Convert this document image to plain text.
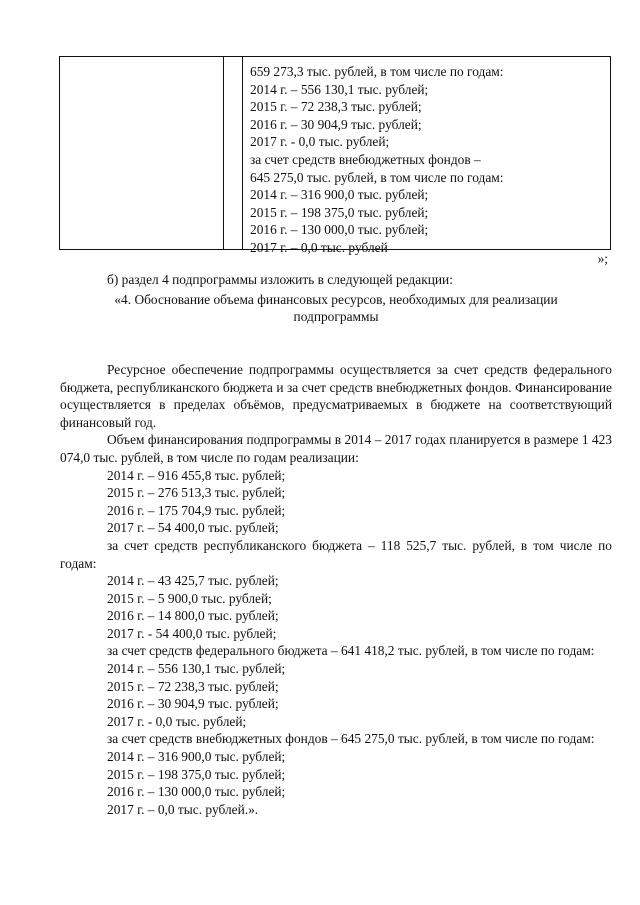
659 273,3 тыс. рублей, в том числе по годам:
2014 г. – 556 130,1 тыс. рублей;
2015 г. – 72 238,3 тыс. рублей;
2016 г. – 30 904,9 тыс. рублей;
2017 г. - 0,0 тыс. рублей;
за счет средств внебюджетных фондов –
645 275,0 тыс. рублей, в том числе по годам:
2014 г. – 316 900,0 тыс. рублей;
2015 г. – 198 375,0 тыс. рублей;
2016 г. – 130 000,0 тыс. рублей;
2017 г. – 0,0 тыс. рублей
»;
б) раздел 4 подпрограммы изложить в следующей редакции:
«4. Обоснование объема финансовых ресурсов, необходимых для реализации
подпрограммы
Ресурсное обеспечение подпрограммы осуществляется за счет средств федерального бюджета, республиканского бюджета и за счет средств внебюджетных фондов. Финансирование осуществляется в пределах объёмов, предусматриваемых в бюджете на соответствующий финансовый год.
Объем финансирования подпрограммы в 2014 – 2017 годах планируется в размере 1 423 074,0 тыс. рублей, в том числе по годам реализации:
2014 г. – 916 455,8 тыс. рублей;
2015 г. – 276 513,3 тыс. рублей;
2016 г. – 175 704,9 тыс. рублей;
2017 г. – 54 400,0 тыс. рублей;
за счет средств республиканского бюджета – 118 525,7 тыс. рублей, в том числе по годам:
2014 г. – 43 425,7 тыс. рублей;
2015 г. – 5 900,0 тыс. рублей;
2016 г. – 14 800,0 тыс. рублей;
2017 г. - 54 400,0 тыс. рублей;
за счет средств федерального бюджета – 641 418,2 тыс. рублей, в том числе по годам:
2014 г. – 556 130,1 тыс. рублей;
2015 г. – 72 238,3 тыс. рублей;
2016 г. – 30 904,9 тыс. рублей;
2017 г. - 0,0 тыс. рублей;
за счет средств внебюджетных фондов – 645 275,0 тыс. рублей, в том числе по годам:
2014 г. – 316 900,0 тыс. рублей;
2015 г. – 198 375,0 тыс. рублей;
2016 г. – 130 000,0 тыс. рублей;
2017 г. – 0,0 тыс. рублей.».
